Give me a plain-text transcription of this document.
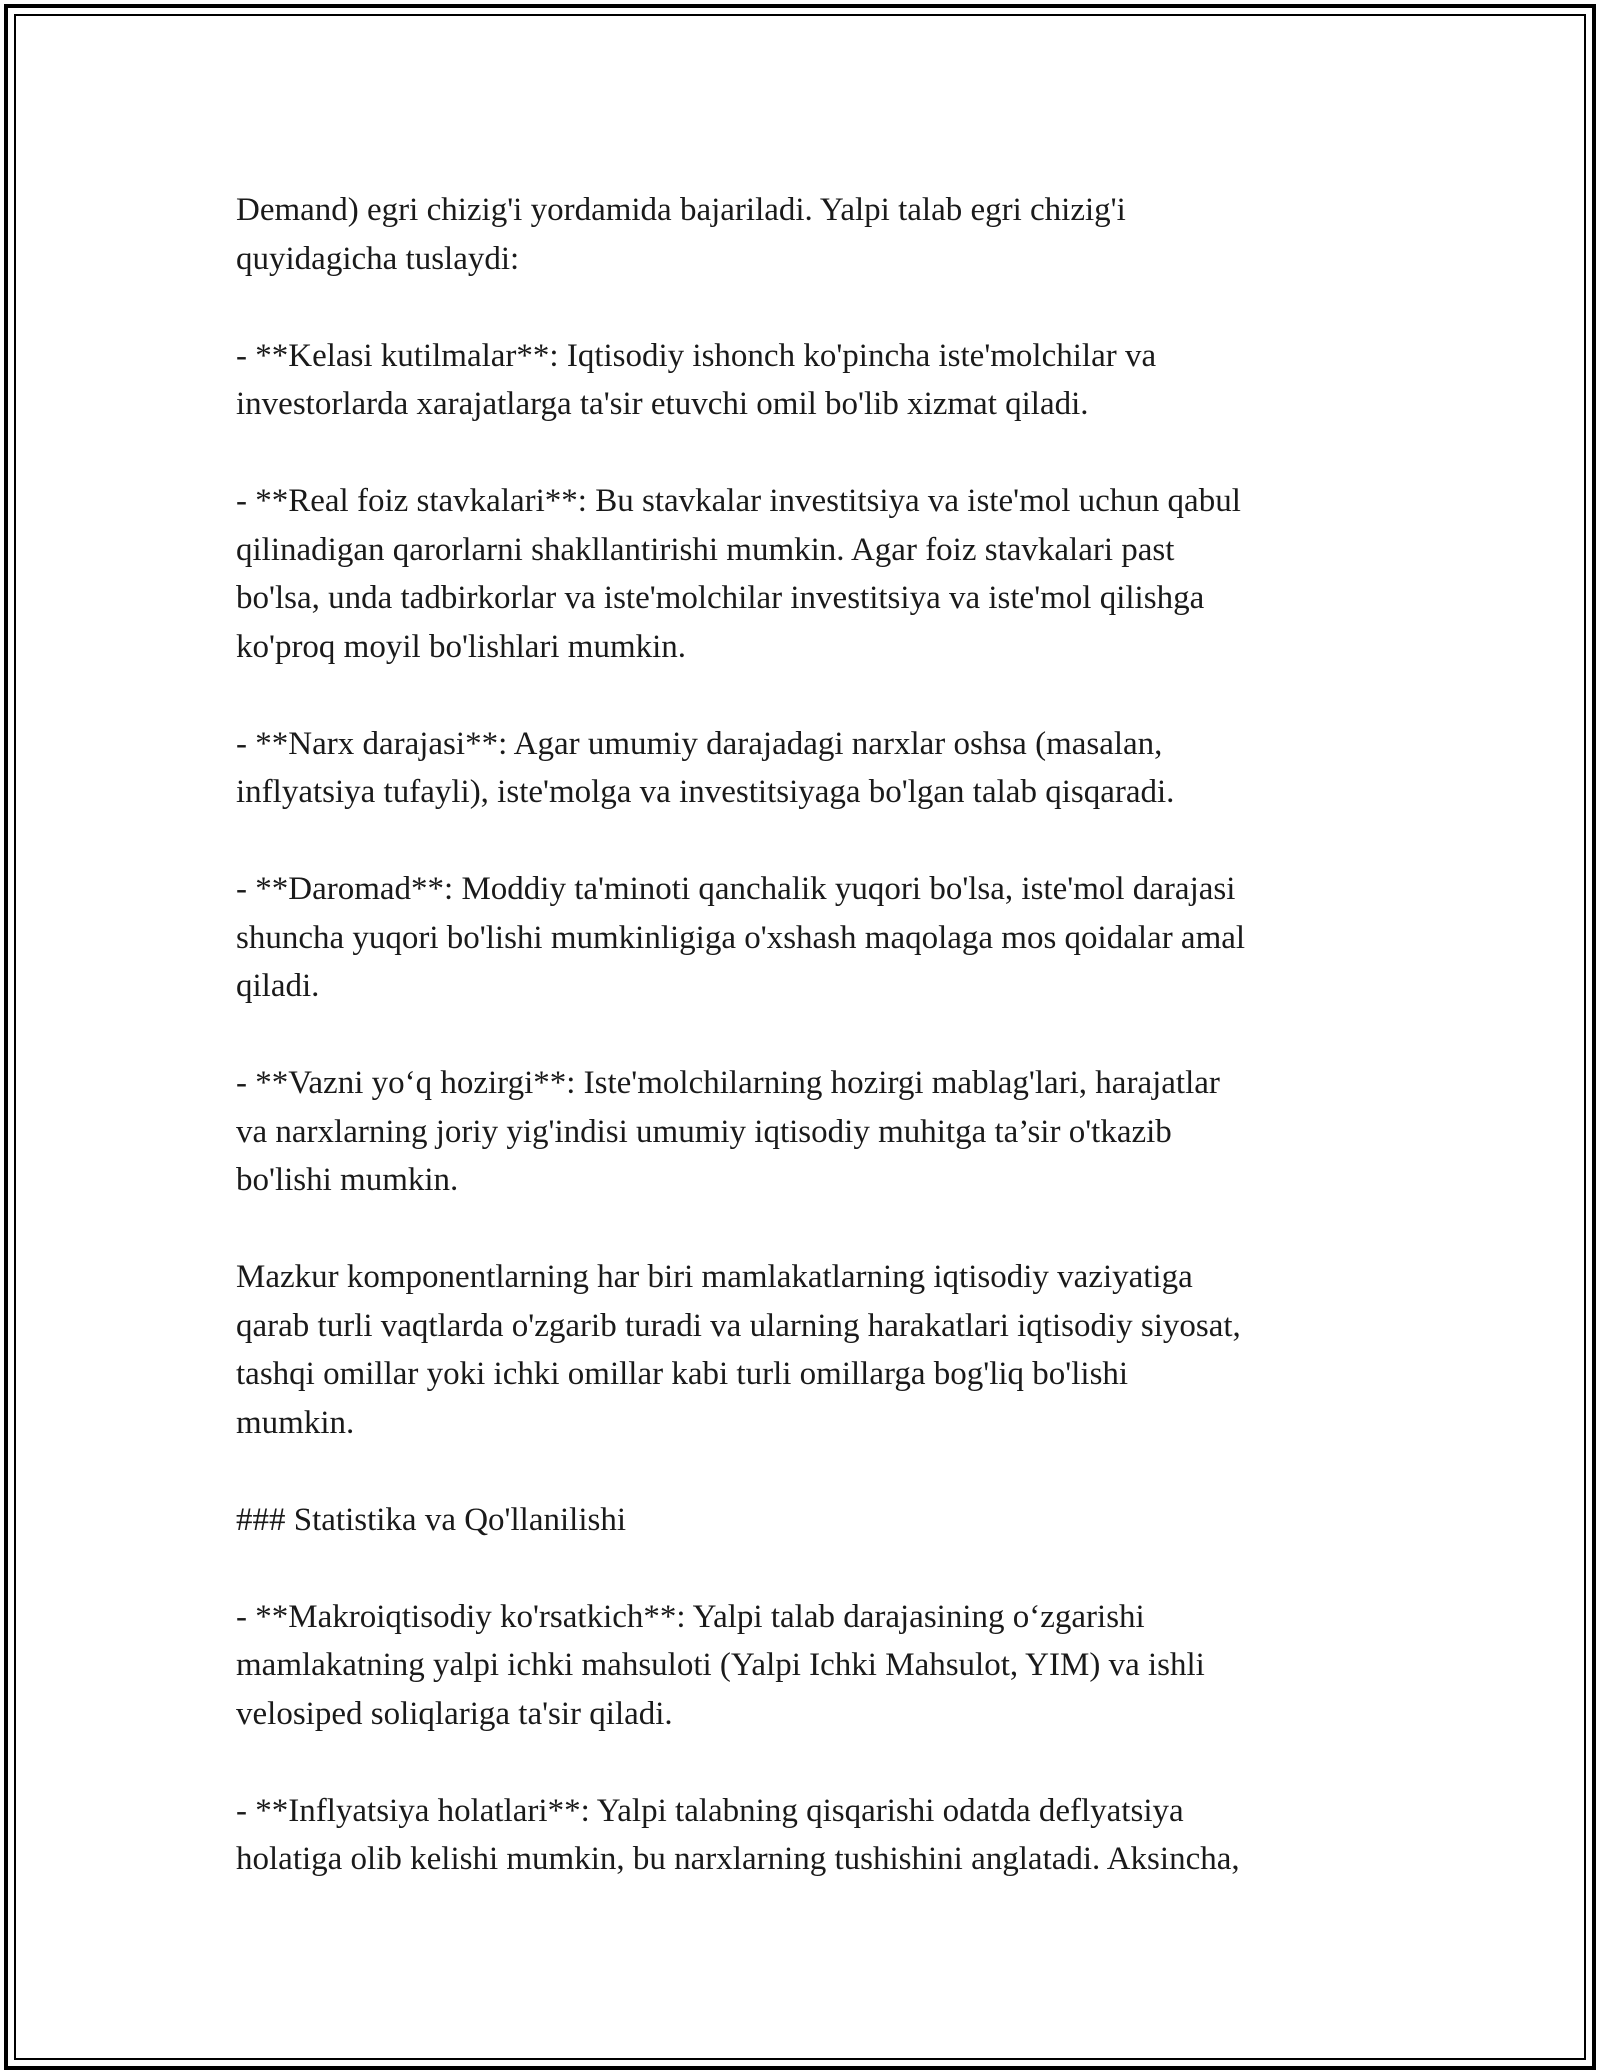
Demand) egri chizig'i yordamida bajariladi. Yalpi talab egri chizig'i
quyidagicha tuslaydi:

- **Kelasi kutilmalar**: Iqtisodiy ishonch ko'pincha iste'molchilar va
investorlarda xarajatlarga ta'sir etuvchi omil bo'lib xizmat qiladi.

- **Real foiz stavkalari**: Bu stavkalar investitsiya va iste'mol uchun qabul
qilinadigan qarorlarni shakllantirishi mumkin. Agar foiz stavkalari past
bo'lsa, unda tadbirkorlar va iste'molchilar investitsiya va iste'mol qilishga
ko'proq moyil bo'lishlari mumkin.

- **Narx darajasi**: Agar umumiy darajadagi narxlar oshsa (masalan,
inflyatsiya tufayli), iste'molga va investitsiyaga bo'lgan talab qisqaradi.

- **Daromad**: Moddiy ta'minoti qanchalik yuqori bo'lsa, iste'mol darajasi
shuncha yuqori bo'lishi mumkinligiga o'xshash maqolaga mos qoidalar amal
qiladi.

- **Vazni yo‘q hozirgi**: Iste'molchilarning hozirgi mablag'lari, harajatlar
va narxlarning joriy yig'indisi umumiy iqtisodiy muhitga ta’sir o'tkazib
bo'lishi mumkin.

Mazkur komponentlarning har biri mamlakatlarning iqtisodiy vaziyatiga
qarab turli vaqtlarda o'zgarib turadi va ularning harakatlari iqtisodiy siyosat,
tashqi omillar yoki ichki omillar kabi turli omillarga bog'liq bo'lishi
mumkin.

### Statistika va Qo'llanilishi

- **Makroiqtisodiy ko'rsatkich**: Yalpi talab darajasining o‘zgarishi
mamlakatning yalpi ichki mahsuloti (Yalpi Ichki Mahsulot, YIM) va ishli
velosiped soliqlariga ta'sir qiladi.

- **Inflyatsiya holatlari**: Yalpi talabning qisqarishi odatda deflyatsiya
holatiga olib kelishi mumkin, bu narxlarning tushishini anglatadi. Aksincha,
